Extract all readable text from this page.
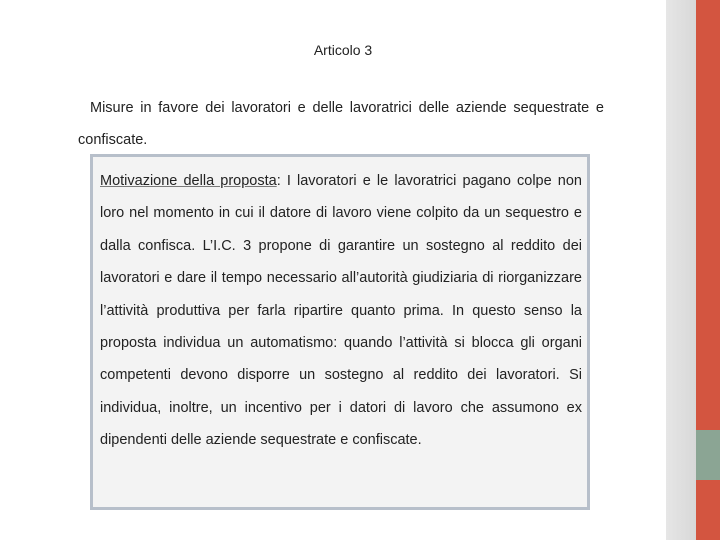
Articolo 3
Misure in favore dei lavoratori e delle lavoratrici delle aziende sequestrate e confiscate.
Motivazione della proposta: I lavoratori e le lavoratrici pagano colpe non loro nel momento in cui il datore di lavoro viene colpito da un sequestro e dalla confisca. L’I.C. 3 propone di garantire un sostegno al reddito dei lavoratori e dare il tempo necessario all’autorità giudiziaria di riorganizzare l’attività produttiva per farla ripartire quanto prima. In questo senso la proposta individua un automatismo: quando l’attività si blocca gli organi competenti devono disporre un sostegno al reddito dei lavoratori. Si individua, inoltre, un incentivo per i datori di lavoro che assumono ex dipendenti delle aziende sequestrate e confiscate.
